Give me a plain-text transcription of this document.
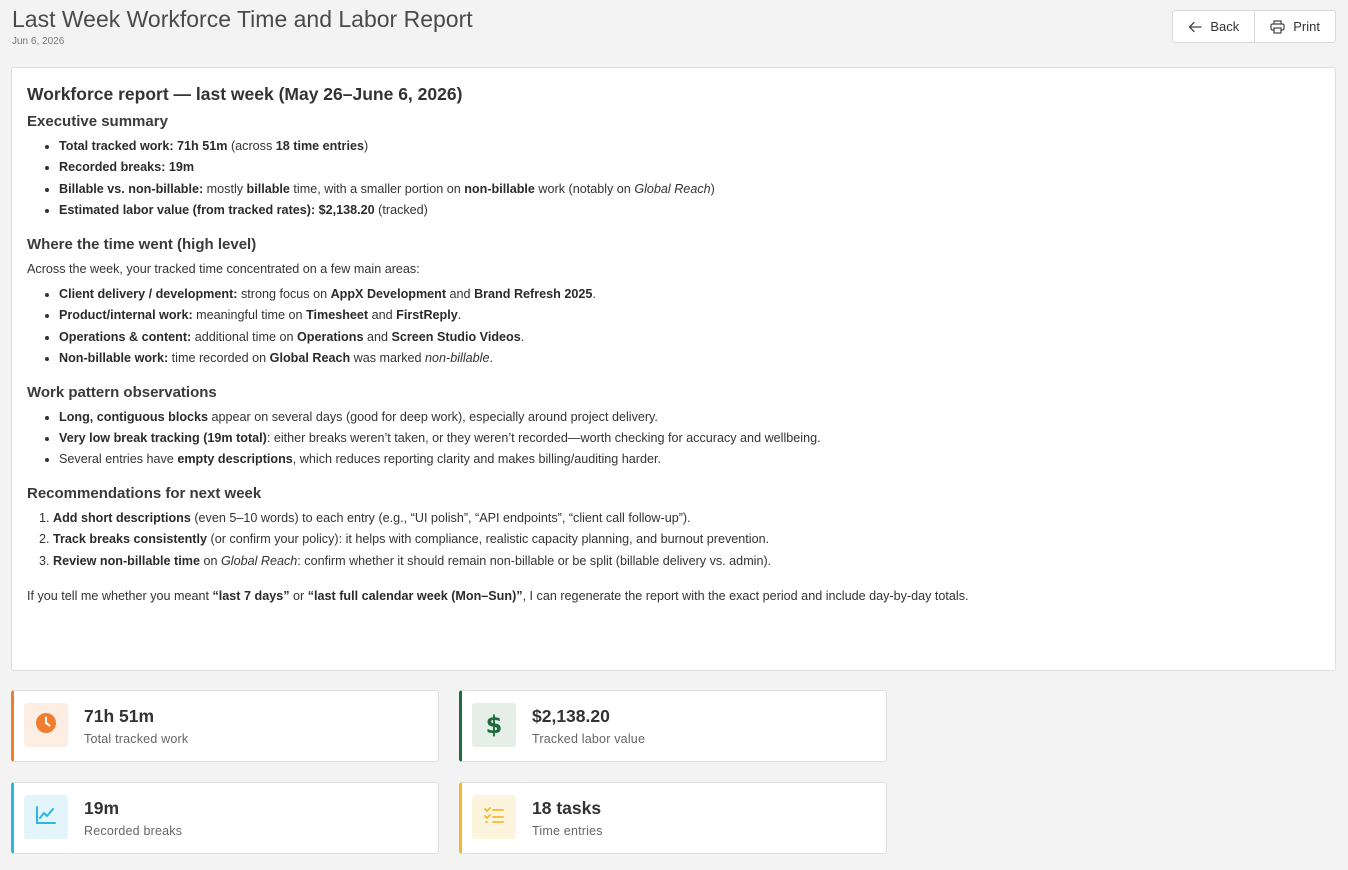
Last Week Workforce Time and Labor Report
Jun 6, 2026
Back	Print
Workforce report — last week (May 26–June 6, 2026)
Executive summary
• Total tracked work: 71h 51m (across 18 time entries)
• Recorded breaks: 19m
• Billable vs. non-billable: mostly billable time, with a smaller portion on non-billable work (notably on Global Reach)
• Estimated labor value (from tracked rates): $2,138.20 (tracked)
Where the time went (high level)
Across the week, your tracked time concentrated on a few main areas:
• Client delivery / development: strong focus on AppX Development and Brand Refresh 2025.
• Product/internal work: meaningful time on Timesheet and FirstReply.
• Operations & content: additional time on Operations and Screen Studio Videos.
• Non-billable work: time recorded on Global Reach was marked non-billable.
Work pattern observations
• Long, contiguous blocks appear on several days (good for deep work), especially around project delivery.
• Very low break tracking (19m total): either breaks weren’t taken, or they weren’t recorded—worth checking for accuracy and wellbeing.
• Several entries have empty descriptions, which reduces reporting clarity and makes billing/auditing harder.
Recommendations for next week
1. Add short descriptions (even 5–10 words) to each entry (e.g., “UI polish”, “API endpoints”, “client call follow-up”).
2. Track breaks consistently (or confirm your policy): it helps with compliance, realistic capacity planning, and burnout prevention.
3. Review non-billable time on Global Reach: confirm whether it should remain non-billable or be split (billable delivery vs. admin).
If you tell me whether you meant “last 7 days” or “last full calendar week (Mon–Sun)”, I can regenerate the report with the exact period and include day-by-day totals.
71h 51m
Total tracked work	$ $2,138.20
Tracked labor value
19m
Recorded breaks
18 tasks
Time entries
